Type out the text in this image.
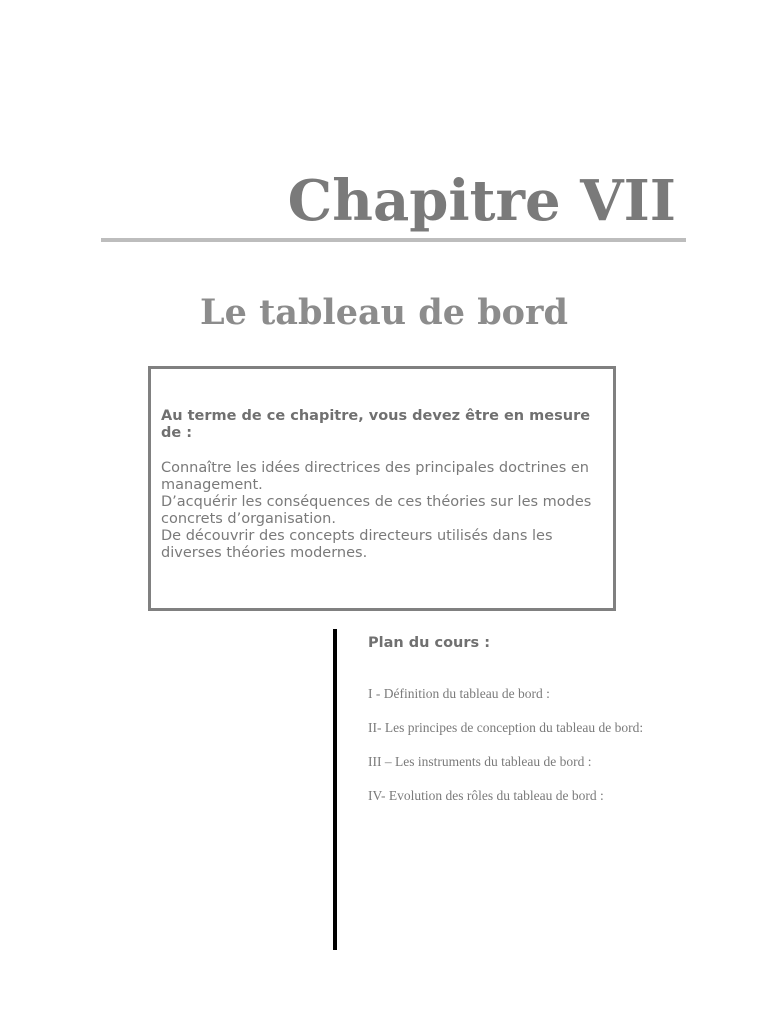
Chapitre VII
Le tableau de bord

Au terme de ce chapitre, vous devez être en mesure de :

Connaître les idées directrices des principales doctrines en management.
D’acquérir les conséquences de ces théories sur les modes concrets d’organisation.
De découvrir des concepts directeurs utilisés dans les diverses théories modernes.

Plan du cours :

I - Définition du tableau de bord :
II- Les principes de conception du tableau de bord:
III – Les instruments du tableau de bord :
IV- Evolution des rôles du tableau de bord :
